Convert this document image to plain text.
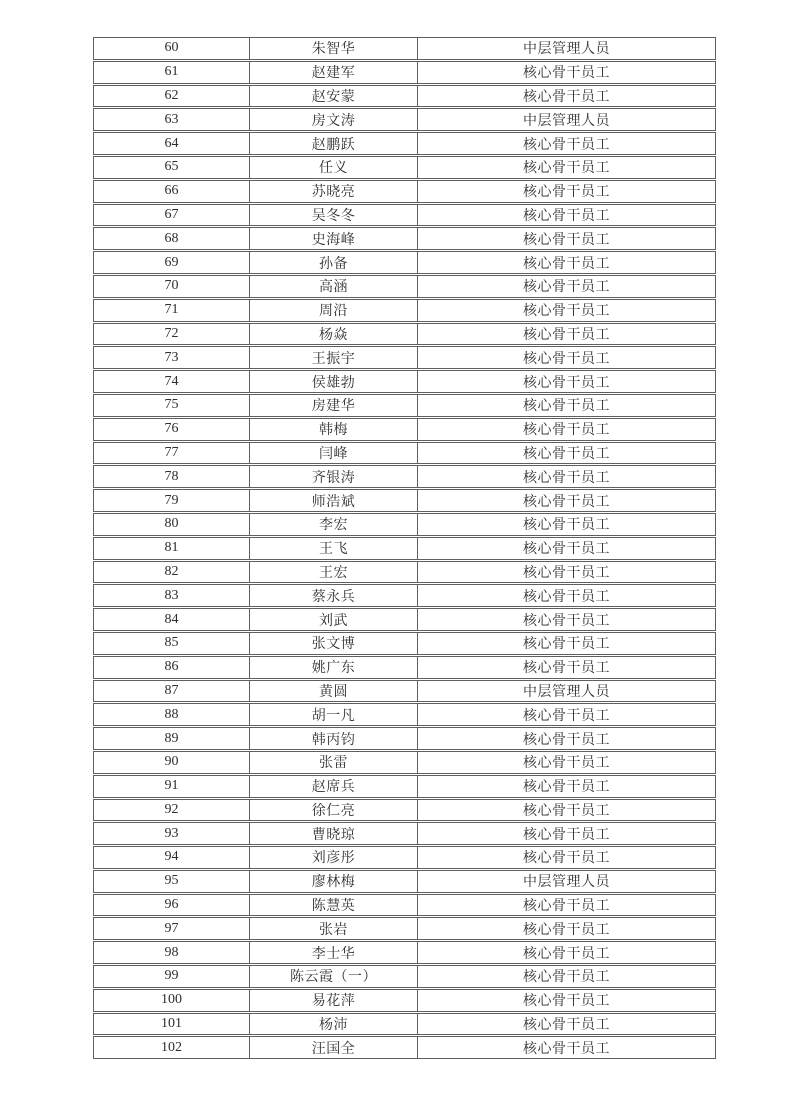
60	朱智华	中层管理人员
61	赵建军	核心骨干员工
62	赵安蒙	核心骨干员工
63	房文涛	中层管理人员
64	赵鹏跃	核心骨干员工
65	任义	核心骨干员工
66	苏晓亮	核心骨干员工
67	吴冬冬	核心骨干员工
68	史海峰	核心骨干员工
69	孙备	核心骨干员工
70	高涵	核心骨干员工
71	周沿	核心骨干员工
72	杨焱	核心骨干员工
73	王振宇	核心骨干员工
74	侯雄勃	核心骨干员工
75	房建华	核心骨干员工
76	韩梅	核心骨干员工
77	闫峰	核心骨干员工
78	齐银涛	核心骨干员工
79	师浩斌	核心骨干员工
80	李宏	核心骨干员工
81	王飞	核心骨干员工
82	王宏	核心骨干员工
83	蔡永兵	核心骨干员工
84	刘武	核心骨干员工
85	张文博	核心骨干员工
86	姚广东	核心骨干员工
87	黄圆	中层管理人员
88	胡一凡	核心骨干员工
89	韩丙钧	核心骨干员工
90	张雷	核心骨干员工
91	赵席兵	核心骨干员工
92	徐仁亮	核心骨干员工
93	曹晓琼	核心骨干员工
94	刘彦彤	核心骨干员工
95	廖林梅	中层管理人员
96	陈慧英	核心骨干员工
97	张岩	核心骨干员工
98	李士华	核心骨干员工
99	陈云霞（一）	核心骨干员工
100	易花萍	核心骨干员工
101	杨沛	核心骨干员工
102	汪国全	核心骨干员工
